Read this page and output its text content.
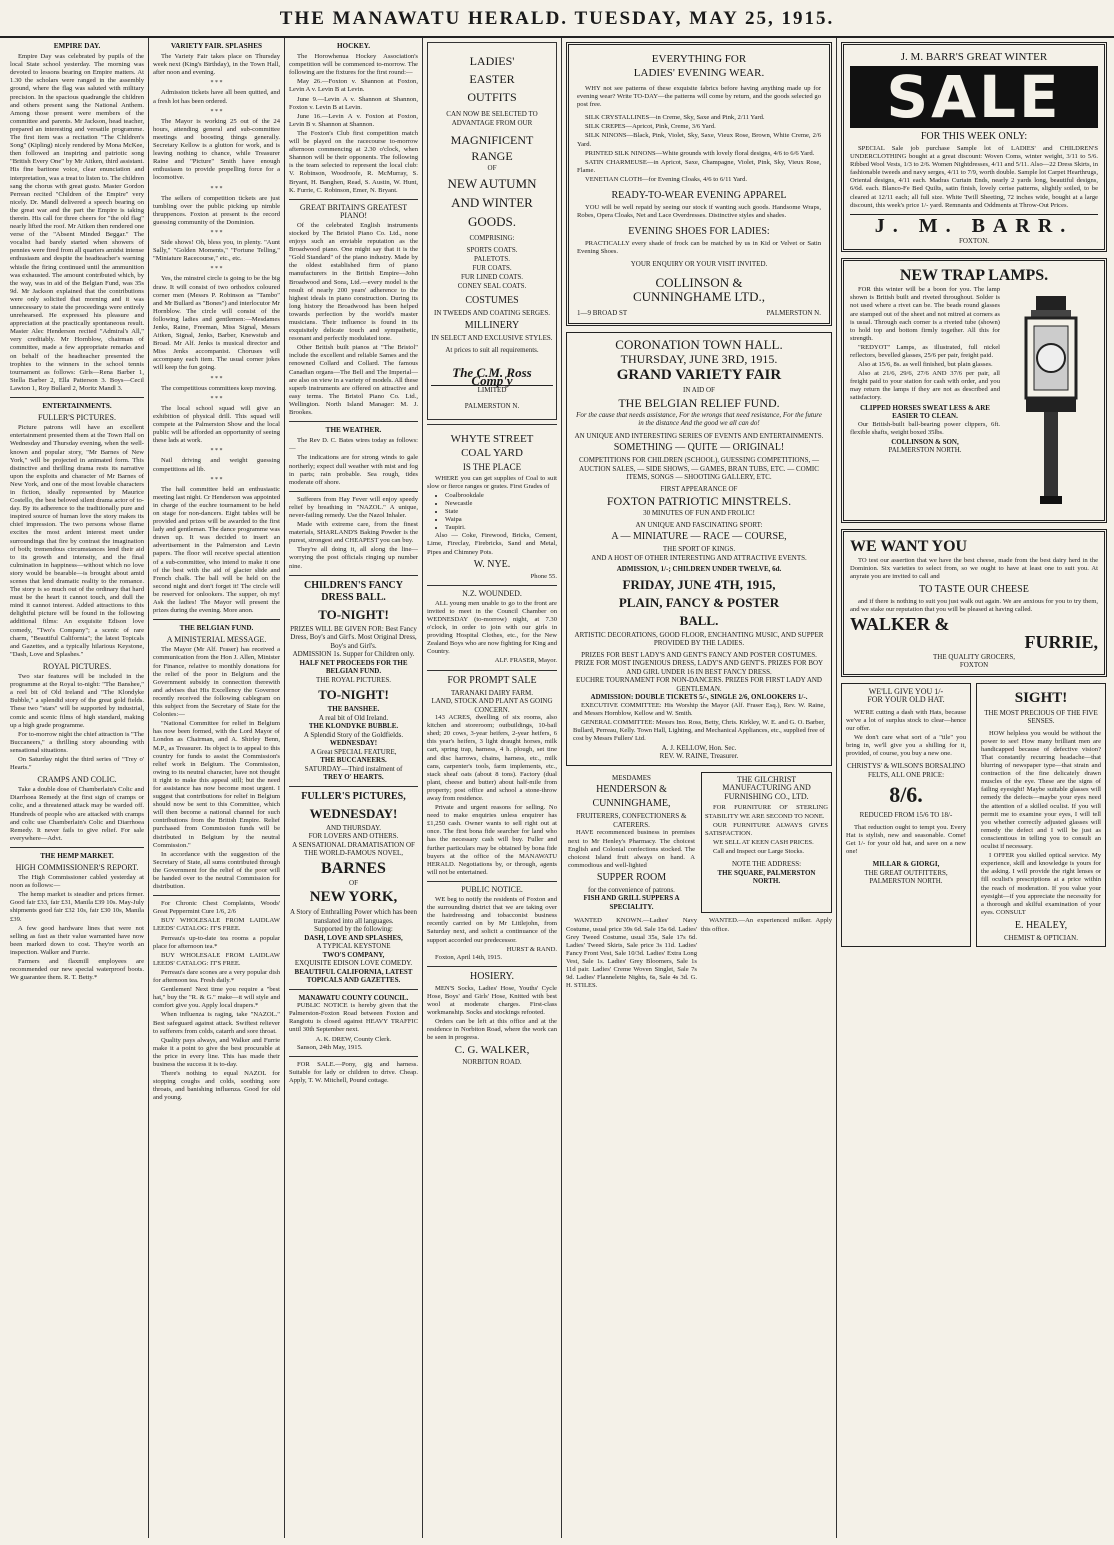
THE MANAWATU HERALD. TUESDAY, MAY 25, 1915.
EMPIRE DAY.

Empire Day was celebrated by pupils of the local State school yesterday. The morning was devoted to lessons bearing on Empire matters. At 1.30 the scholars were ranged in the assembly ground, where the flag was saluted with military precision. In the spacious quadrangle the children and others present sang the National Anthem. Among those present were members of the committee and parents. Mr Jackson, head teacher, prepared an interesting and versatile programme. The first item was a recitation "The Children's Song" (Kipling) nicely rendered by Mona McKee, then followed an inspiring and patriotic song "British Every One" by Mr Aitken, third assistant. His fine baritone voice, clear enunciation and interpretation, was a treat to listen to. The children sang the chorus with great gusto. Master Gordon Perrean recited "Children of the Empire" very nicely. Dr. Mandl delivered a speech bearing on the great war and the part the Empire is taking therein. His call for three cheers for "the old flag" nearly lifted the roof. Mr Aitken then rendered one verse of the "Absent Minded Beggar." The vocalist had barely started when showers of pennies were fired from all quarters amidst intense enthusiasm and despite the headteacher's warning whistle the firing continued until the ammunition was exhausted. The amount contributed which, by the way, was in aid of the Belgian Fund, was 35s 9d. Mr Jackson explained that the contributions were only solicited that morning and it was unnecessary to state the proceedings were entirely unrehearsed. He expressed his pleasure and appreciation at the practically spontaneous result. Master Alec Henderson recited "Admiral's All," very creditably. Mr Hornblow, chairman of committee, made a few appropriate remarks and on behalf of the headteacher presented the trophies to the winners in the school tennis tournament as follows: Girls—Rena Barber 1, Stella Barber 2, Ella Patterson 3. Boys—Cecil Lawton 1, Roy Bullard 2, Moritz Mandl 3.

ENTERTAINMENTS.
FULLER'S PICTURES.

Picture patrons will have an excellent entertainment presented them at the Town Hall on Wednesday and Thursday evening, when the well-known and popular story, "Mr Barnes of New York," will be projected in animated form. This distinctive and thrilling drama rests its narrative upon the exploits and character of Mr Barnes of New York, and one of the most lovable characters in fiction, ideally represented by Maurice Costello, the best beloved silent drama actor of to-day. By its adherence to the traditionally pure and inspired source of human love the story makes its chief impression. The two persons whose flame excites the most ardent interest meet under surroundings that fire by contrast the imagination of both; tremendous circumstances lend their aid to its growth and intensity, and the final culmination in happiness—without which no love story would be bearable—is brought about amid scenes that lend dramatic reality to the romance. The story is so much out of the ordinary that hard must be the heart it cannot touch, and dull the mind it cannot interest. Added attractions to this delightful picture will be found in the following additional films: An exquisite Edison love comedy, "Two's Company"; a scenic of rare charm, "Beautiful California"; the latest Topicals and Gazettes, and a typically hilarious Keystone, "Dash, Love and Splashes."

ROYAL PICTURES.

Two star features will be included in the programme at the Royal to-night: "The Banshee," a reel bit of Old Ireland and "The Klondyke Bubble," a splendid story of the great gold fields. These two "stars" will be supported by industrial, comic and scenic films of high standard, making up a high grade programme.

For to-morrow night the chief attraction is "The Buccaneers," a thrilling story abounding with sensational situations.

On Saturday night the third series of "Trey o' Hearts."

CRAMPS AND COLIC.

Take a double dose of Chamberlain's Colic and Diarrhoea Remedy at the first sign of cramps or colic, and a threatened attack may be warded off. Hundreds of people who are attacked with cramps and colic use Chamberlain's Colic and Diarrhoea Remedy. It never fails to give relief. For sale everywhere—Advt.

THE HEMP MARKET.
HIGH COMMISSIONER'S REPORT.

The High Commissioner cabled yesterday at noon as follows:—

The hemp market is steadier and prices firmer. Good fair £33, fair £31, Manila £39 10s. May-July shipments good fair £32 10s, fair £30 10s, Manila £39.

A few good hardware lines that were not selling as fast as their value warranted have now been marked down to cost. They're worth an inspection. Walker and Furrie.

Farmers and flaxmill employees are recommended our new special waterproof boots. We guarantee them. R. T. Betty.*

VARIETY FAIR. SPLASHES

The Variety Fair takes place on Thursday week next (King's Birthday), in the Town Hall, after noon and evening.

* * *

Admission tickets have all been quitted, and a fresh lot has been ordered.

* * *

The Mayor is working 25 out of the 24 hours, attending general and sub-committee meetings and boosting things generally. Secretary Kellow is a glutton for work, and is leaving nothing to chance, while Treasurer Raine and "Picture" Smith have enough enthusiasm to provide propelling force for a locomotive.

* * *

The sellers of competition tickets are just tumbling over the public picking up nimble thruppences. Foxton at present is the record guessing community of the Dominion.

* * *

Side shows! Oh, bless you, in plenty. "Aunt Sally," "Golden Moments," "Fortune Telling," "Miniature Racecourse," etc., etc.

* * *

Yes, the minstrel circle is going to be the big draw. It will consist of two orthodox coloured corner men (Messrs P. Robinson as "Tambo" and Mr Bullard as "Bones") and interlocutor Mr Hornblow. The circle will consist of the following ladies and gentlemen:—Mesdames Jenks, Raine, Freeman, Miss Signal, Messrs Aitken, Signal, Jenks, Barber, Knewstub and Broad. Mr Alf. Jenks is musical director and Miss Jenks accompanist. Choruses will accompany each item. The usual corner jokes will keep the fun going.

* * *

The competitious committees keep moving.

* * *

The local school squad will give an exhibition of physical drill. This squad will compete at the Palmerston Show and the local public will be afforded an opportunity of seeing these lads at work.

* * *

Nail driving and weight guessing competitions ad lib.

* * *

The hall committee held an enthusiastic meeting last night. Cr Henderson was appointed in charge of the euchre tournament to be held on stage for non-dancers. Eight tables will be provided and prizes will be awarded to the first lady and gentleman. The dance programme was drawn up. It was decided to insert an advertisement in the Palmerston and Levin papers. The floor will receive special attention of a sub-committee, who intend to make it one of the best with the aid of glacier slide and French chalk. The ball will be held on the second night and don't forget it! The circle will be reserved for onlookers. The supper, oh my! Ask the ladies! The Mayor will present the prizes during the evening. More anon.

THE BELGIAN FUND.
A MINISTERIAL MESSAGE.

The Mayor (Mr Alf. Fraser) has received a communication from the Hon J. Allen, Minister for Finance, relative to monthly donations for the relief of the poor in Belgium and the Government subsidy in connection therewith and advises that His Excellency the Governor recently received the following cablegram on this subject from the Secretary of State for the Colonies:—

"National Committee for relief in Belgium has now been formed, with the Lord Mayor of London as Chairman, and A. Shirley Benn, M.P., as Treasurer. Its object is to appeal to this country for funds to assist the Commission's relief work in Belgium. The Commission, owing to its neutral character, have not thought it right to make this appeal still; but the need for assistance has now become most urgent. I suggest that contributions for relief in Belgium should now be sent to this Committee, which will then become a national channel for such contributions from the British Empire. Relief purchased from Commission funds will be distributed in Belgium by the neutral Commission."

In accordance with the suggestion of the Secretary of State, all sums contributed through the Government for the relief of the poor will be handed over to the neutral Commission for distribution.

For Chronic Chest Complaints, Woods' Great Peppermint Cure 1/6, 2/6

BUY WHOLESALE FROM LAIDLAW LEEDS' CATALOG: IT'S FREE.

Perreau's up-to-date tea rooms a popular place for afternoon tea.*

BUY WHOLESALE FROM LAIDLAW LEEDS' CATALOG: IT'S FREE.

Perreau's dare scones are a very popular dish for afternoon tea. Fresh daily.*

Gentlemen! Next time you require a "best hat," buy the "R. & G." make—it will style and comfort give you. Apply local drapers.*

When influenza is raging, take "NAZOL." Best safeguard against attack. Swiftest reliever to sufferers from colds, catarrh and sore throat.

Quality pays always, and Walker and Furrie make it a point to give the best procurable at the price in every line. This has made their business the success it is to-day.

There's nothing to equal NAZOL for stopping coughs and colds, soothing sore throats, and banishing influenza. Good for old and young.

HOCKEY.

The Horowhenua Hockey Association's competition will be commenced to-morrow. The following are the fixtures for the first round:—

May 26.—Foxton v. Shannon at Foxton, Levin A v. Levin B at Levin.

June 9.—Levin A v. Shannon at Shannon, Foxton v. Levin B at Levin.

June 16.—Levin A v. Foxton at Foxton, Levin B v. Shannon at Shannon.

The Foxton's Club first competition match will be played on the racecourse to-morrow afternoon commencing at 2.30 o'clock, when Shannon will be their opponents. The following is the team selected to represent the local club: V. Robinson, Woodroofe, R. McMurray, S. Bryant, H. Banghen, Read, S. Austin, W. Hunt, K. Furrie, C. Robinson, Emer, N. Bryant.

GREAT BRITAIN'S GREATEST PIANO!

Of the celebrated English instruments stocked by The Bristol Piano Co. Ltd., none enjoys such an enviable reputation as the Broadwood piano. One might say that it is the "Gold Standard" of the piano industry. Made by the oldest established firm of piano manufacturers in the British Empire—John Broadwood and Sons, Ltd.—every model is the result of nearly 200 years' adherence to the highest ideals in piano construction. During its long history the Broadwood has been helped towards perfection by the world's master musicians. Their influence is found in its exquisitely delicate touch and sympathetic, resonant and perfectly modulated tone.

Other British built pianos at "The Bristol" include the excellent and reliable Sames and the renowned Collard and Collard. The famous Canadian organs—The Bell and The Imperial—are also on view in a variety of models. All these superb instruments are offered on attractive and easy terms. The Bristol Piano Co. Ltd., Wellington. North Island Manager: M. J. Brookes.

THE WEATHER.

The Rev D. C. Bates wires today as follows:—

The indications are for strong winds to gale northerly; expect dull weather with mist and fog in parts; rain probable. Sea rough, tides moderate off shore.

Sufferers from Hay Fever will enjoy speedy relief by breathing in "NAZOL." A unique, never-failing remedy. Use the Nazol Inhaler.

Made with extreme care, from the finest materials, SHARLAND'S Baking Powder is the purest, strongest and CHEAPEST you can buy.

They're all doing it, all along the line—worrying the post officials ringing up number nine.

CHILDREN'S FANCY DRESS BALL.
TO-NIGHT!

PRIZES WILL BE GIVEN FOR: Best Fancy Dress, Boy's and Girl's. Most Original Dress, Boy's and Girl's.

ADMISSION 1s. Supper for Children only.

HALF NET PROCEEDS FOR THE BELGIAN FUND.

THE ROYAL PICTURES.
TO-NIGHT!
THE BANSHEE.
A real bit of Old Ireland.
THE KLONDYKE BUBBLE.
A Splendid Story of the Goldfields.
WEDNESDAY!
A Great SPECIAL FEATURE,
THE BUCCANEERS.
SATURDAY—Third instalment of
TREY O' HEARTS.
FULLER'S PICTURES,
WEDNESDAY!
AND THURSDAY.
FOR LOVERS AND OTHERS.
A SENSATIONAL DRAMATISATION OF THE WORLD-FAMOUS NOVEL,
BARNES
OF
NEW YORK,
A Story of Enthralling Power which has been translated into all languages.
Supported by the following:
DASH, LOVE AND SPLASHES,
A TYPICAL KEYSTONE
TWO'S COMPANY,
EXQUISITE EDISON LOVE COMEDY.
BEAUTIFUL CALIFORNIA, LATEST TOPICALS AND GAZETTES.
MANAWATU COUNTY COUNCIL.

PUBLIC NOTICE is hereby given that the Palmerston-Foxton Road between Foxton and Rangiotu is closed against HEAVY TRAFFIC until 30th September next.

A. K. DREW, County Clerk.

Sanson, 24th May, 1915.

FOR SALE.—Pony, gig and harness. Suitable for lady or children to drive. Cheap. Apply, T. W. Mitchell, Pound cottage.

LADIES'
EASTER
OUTFITS
CAN NOW BE SELECTED TO ADVANTAGE FROM OUR
MAGNIFICENT
RANGE
OF
NEW AUTUMN
AND WINTER
GOODS.
COMPRISING:
SPORTS COATS.
PALETOTS.
FUR COATS.
FUR LINED COATS.
CONEY SEAL COATS.
COSTUMES
IN TWEEDS AND COATING SERGES.
MILLINERY
IN SELECT AND EXCLUSIVE STYLES.
At prices to suit all requirements.
The C.M. Ross Comp'y
LIMITED
PALMERSTON N.
WHYTE STREET
COAL YARD
IS THE PLACE

WHERE you can get supplies of Coal to suit slow or fierce ranges or grates. First Grades of

• Coalbrookdale
• Newcastle
• State
• Waipa
• Taupiri.

Also — Coke, Firewood, Bricks, Cement, Lime, Fireclay, Firebricks, Sand and Metal, Pipes and Chimney Pots.

W. NYE.
Phone 55.
N.Z. WOUNDED.

ALL young men unable to go to the front are invited to meet in the Council Chamber on WEDNESDAY (to-morrow) night, at 7.30 o'clock, in order to join with our girls in providing Hospital Clothes, etc., for the New Zealand Boys who are now fighting for King and Country.

ALF. FRASER, Mayor.

FOR PROMPT SALE
TARANAKI DAIRY FARM.
LAND, STOCK AND PLANT AS GOING CONCERN.

143 ACRES, dwelling of six rooms, also kitchen and storeroom; outbuildings, 10-bail shed; 20 cows, 3-year heifers, 2-year heifers, 6 this year's heifers, 3 light draught horses, milk cart, spring trap, harness, 4 h. plough, set tine and disc harrows, chains, harness, etc., milk cans, carpenter's tools, farm implements, etc., stack sheaf oats (about 8 tons). Factory (dual plant, cheese and butter) about half-mile from property; post office and school a stone-throw away from residence.

Private and urgent reasons for selling. No need to make enquiries unless enquirer has £1,250 cash. Owner wants to sell right out at once. The first bona fide searcher for land who has the necessary cash will buy. Fuller and further particulars may be obtained by bona fide buyers at the office of the MANAWATU HERALD. Negotiations by, or through, agents will not be entertained.

PUBLIC NOTICE.

WE beg to notify the residents of Foxton and the surrounding district that we are taking over the hairdressing and tobacconist business recently carried on by Mr Littlejohn, from Saturday next, and solicit a continuance of the support accorded our predecessor.

HURST & RAND.

Foxton, April 14th, 1915.

HOSIERY.

MEN'S Socks, Ladies' Hose, Youths' Cycle Hose, Boys' and Girls' Hose, Knitted with best wool at moderate charges. First-class workmanship. Socks and stockings refooted.

Orders can be left at this office and at the residence in Norbiton Road, where the work can be seen in progress.

C. G. WALKER,
NORBITON ROAD.
EVERYTHING FOR
LADIES' EVENING WEAR.

WHY not see patterns of these exquisite fabrics before having anything made up for evening wear? Write TO-DAY—the patterns will come by return, and the goods selected go post free.

SILK CRYSTALLINES—in Creme, Sky, Saxe and Pink, 2/11 Yard.

SILK CREPES—Apricot, Pink, Creme, 3/6 Yard.

SILK NINONS—Black, Pink, Violet, Sky, Saxe, Vieux Rose, Brown, White Creme, 2/6 Yard.

PRINTED SILK NINONS—White grounds with lovely floral designs, 4/6 to 6/6 Yard.

SATIN CHARMEUSE—in Apricot, Saxe, Champagne, Violet, Pink, Sky, Vieux Rose, Flame.

VENETIAN CLOTH—for Evening Cloaks, 4/6 to 6/11 Yard.

READY-TO-WEAR EVENING APPAREL

YOU will be well repaid by seeing our stock if wanting such goods. Handsome Wraps, Robes, Opera Cloaks, Net and Lace Overdresses. Distinctive styles and shades.

EVENING SHOES FOR LADIES:

PRACTICALLY every shade of frock can be matched by us in Kid or Velvet or Satin Evening Shoes.

YOUR ENQUIRY OR YOUR VISIT INVITED.
COLLINSON &
CUNNINGHAME LTD.,
1—9 BROAD ST	PALMERSTON N.
CORONATION TOWN HALL.
THURSDAY, JUNE 3RD, 1915.
GRAND VARIETY FAIR
IN AID OF
THE BELGIAN RELIEF FUND.
For the cause that needs assistance, For the wrongs that need resistance, For the future in the distance And the good we all can do!
AN UNIQUE AND INTERESTING SERIES OF EVENTS AND ENTERTAINMENTS.
SOMETHING — QUITE — ORIGINAL!
COMPETITIONS FOR CHILDREN (SCHOOL), GUESSING COMPETITIONS, — AUCTION SALES, — SIDE SHOWS, — GAMES, BRAN TUBS, ETC. — COMIC ITEMS, SONGS — SHOOTING GALLERY, ETC.
FIRST APPEARANCE OF
FOXTON PATRIOTIC MINSTRELS.
30 MINUTES OF FUN AND FROLIC!
AN UNIQUE AND FASCINATING SPORT:
A — MINIATURE — RACE — COURSE,
THE SPORT OF KINGS.
AND A HOST OF OTHER INTERESTING AND ATTRACTIVE EVENTS.
ADMISSION, 1/-; CHILDREN UNDER TWELVE, 6d.
FRIDAY, JUNE 4TH, 1915,
PLAIN, FANCY & POSTER
BALL.
ARTISTIC DECORATIONS, GOOD FLOOR, ENCHANTING MUSIC, AND SUPPER PROVIDED BY THE LADIES.
PRIZES FOR BEST LADY'S AND GENT'S FANCY AND POSTER COSTUMES. PRIZE FOR MOST INGENIOUS DRESS, LADY'S AND GENT'S. PRIZES FOR BOY AND GIRL UNDER 16 IN BEST FANCY DRESS.
EUCHRE TOURNAMENT FOR NON-DANCERS. PRIZES FOR FIRST LADY AND GENTLEMAN.
ADMISSION: DOUBLE TICKETS 5/-, SINGLE 2/6, ONLOOKERS 1/-.

EXECUTIVE COMMITTEE: His Worship the Mayor (Alf. Fraser Esq.), Rev. W. Raine, and Messrs Hornblow, Kellow and W. Smith.

GENERAL COMMITTEE: Messrs Ino. Ross, Betty, Chris. Kirkley, W. E. and G. O. Barber, Bullard, Perreau, Kelly. Town Hall, Lighting, and Mechanical Appliances, etc., supplied free of cost by Messrs Fullers' Ltd.

A. J. KELLOW, Hon. Sec.
REV. W. RAINE, Treasurer.
MESDAMES
HENDERSON &
CUNNINGHAME,
FRUITERERS, CONFECTIONERS & CATERERS.

HAVE recommenced business in premises next to Mr Henley's Pharmacy. The choicest English and Colonial confections stocked. The choicest Island fruit always on hand. A commodious and well-lighted

SUPPER ROOM
for the convenience of patrons.
FISH AND GRILL SUPPERS A SPECIALITY.
THE GILCHRIST
MANUFACTURING AND
FURNISHING CO., LTD.

FOR FURNITURE OF STERLING STABILITY WE ARE SECOND TO NONE.

OUR FURNITURE ALWAYS GIVES SATISFACTION.

WE SELL AT KEEN CASH PRICES.

Call and Inspect our Large Stocks.

NOTE THE ADDRESS:
THE SQUARE, PALMERSTON NORTH.

WANTED KNOWN.—Ladies' Navy Costume, usual price 39s 6d. Sale 15s 6d. Ladies' Grey Tweed Costume, usual 35s, Sale 17s 6d. Ladies' Tweed Skirts, Sale price 3s 11d. Ladies' Fancy Front Vest, Sale 10/3d. Ladies' Extra Long Vest, Sale 1s. Ladies' Grey Bloomers, Sale 1s 11d pair. Ladies' Creme Woven Singlet, Sale 7s 9d. Ladies' Flannelette Nights, 6s, Sale 4s 3d. G. H. STILES.

WANTED.—An experienced milker. Apply this office.

J. M. BARR'S GREAT WINTER
SALE
FOR THIS WEEK ONLY:

SPECIAL Sale job purchase Sample lot of LADIES' and CHILDREN'S UNDERCLOTHING bought at a great discount: Woven Coms, winter weight, 3/11 to 5/6. Ribbed Wool Vests, 1/3 to 2/6. Women Nightdresses, 4/11 and 5/11. Also—22 Dress Skirts, in fashionable tweeds and navy serges, 4/11 to 7/9, worth double. Sample lot Carpet Hearthrugs, Oriental designs, 4/11 each. Madras Curtain Ends, nearly 2 yards long, beautiful designs, 6/6d. each. Blanco-Fe Bed Quilts, satin finish, lovely cerise patterns, slightly soiled, to be cleared at 12/11 each; all full size. White Twill Sheeting, 72 inches wide, bought at a large discount, this week's price 1/- yard. Remnants and Oddments at Throw-Out Prices.

J. M. BARR.
FOXTON.
NEW TRAP LAMPS.

FOR this winter will be a boon for you. The lamp shown is British built and riveted throughout. Solder is not used where a rivet can be. The beads round glasses are stamped out of the sheet and not mitred at corners as is usual. Through each corner is a riveted tube (shown) to hold top and bottom firmly together. All this for strength.

"REDYOT" Lamps, as illustrated, full nickel reflectors, bevelled glasses, 25/6 per pair, freight paid.

Also at 15/6, 8s. as well finished, but plain glasses.

Also at 21/6, 29/6, 27/6 AND 37/6 per pair, all freight paid to your station for cash with order, and you may return the lamps if they are not as described and satisfactory.

CLIPPED HORSES SWEAT LESS & ARE EASIER TO CLEAN.

Our British-built ball-bearing power clippers, 6ft. flexible shafts, weight boxed 35lbs.

COLLINSON & SON,
PALMERSTON NORTH.
WE WANT YOU

TO test our assertion that we have the best cheese, made from the best dairy herd in the Dominion. Six varieties to select from, so we ought to have at least one to suit you. At anyrate you are invited to call and

TO TASTE OUR CHEESE

and if there is nothing to suit you just walk out again. We are anxious for you to try them, and we stake our reputation that you will be pleased at having called.

WALKER &
FURRIE,
THE QUALITY GROCERS,
FOXTON
WE'LL GIVE YOU 1/-
FOR YOUR OLD HAT.

WE'RE cutting a dash with Hats, because we've a lot of surplus stock to clear—hence our offer.

We don't care what sort of a "tile" you bring in, we'll give you a shilling for it, provided, of course, you buy a new one.

CHRISTYS' & WILSON'S BORSALINO FELTS, ALL ONE PRICE:
8/6.
REDUCED FROM 15/6 TO 18/-

That reduction ought to tempt you. Every Hat is stylish, new and seasonable. Come! Get 1/- for your old hat, and save on a new one!

MILLAR & GIORGI,
THE GREAT OUTFITTERS,
PALMERSTON NORTH.
SIGHT!
THE MOST PRECIOUS OF THE FIVE SENSES.

HOW helpless you would be without the power to see! How many brilliant men are handicapped because of defective vision? That constantly recurring headache—that blurring of newspaper type—that strain and contraction of the fine delicately drawn muscles of the eye. These are the signs of failing eyesight! Maybe suitable glasses will remedy the defects—maybe your eyes need the attention of a skilled oculist. If you will permit me to examine your eyes, I will tell you whether correctly adjusted glasses will remedy the defect and I will be just as conscientious in telling you to consult an oculist if necessary.

I OFFER you skilled optical service. My experience, skill and knowledge is yours for the asking. I will provide the right lenses or fill oculist's prescriptions at a price within the reach of moderation. If you value your eyesight—if you appreciate the necessity for a thorough and skilful examination of your eyes. CONSULT

E. HEALEY,
CHEMIST & OPTICIAN.
